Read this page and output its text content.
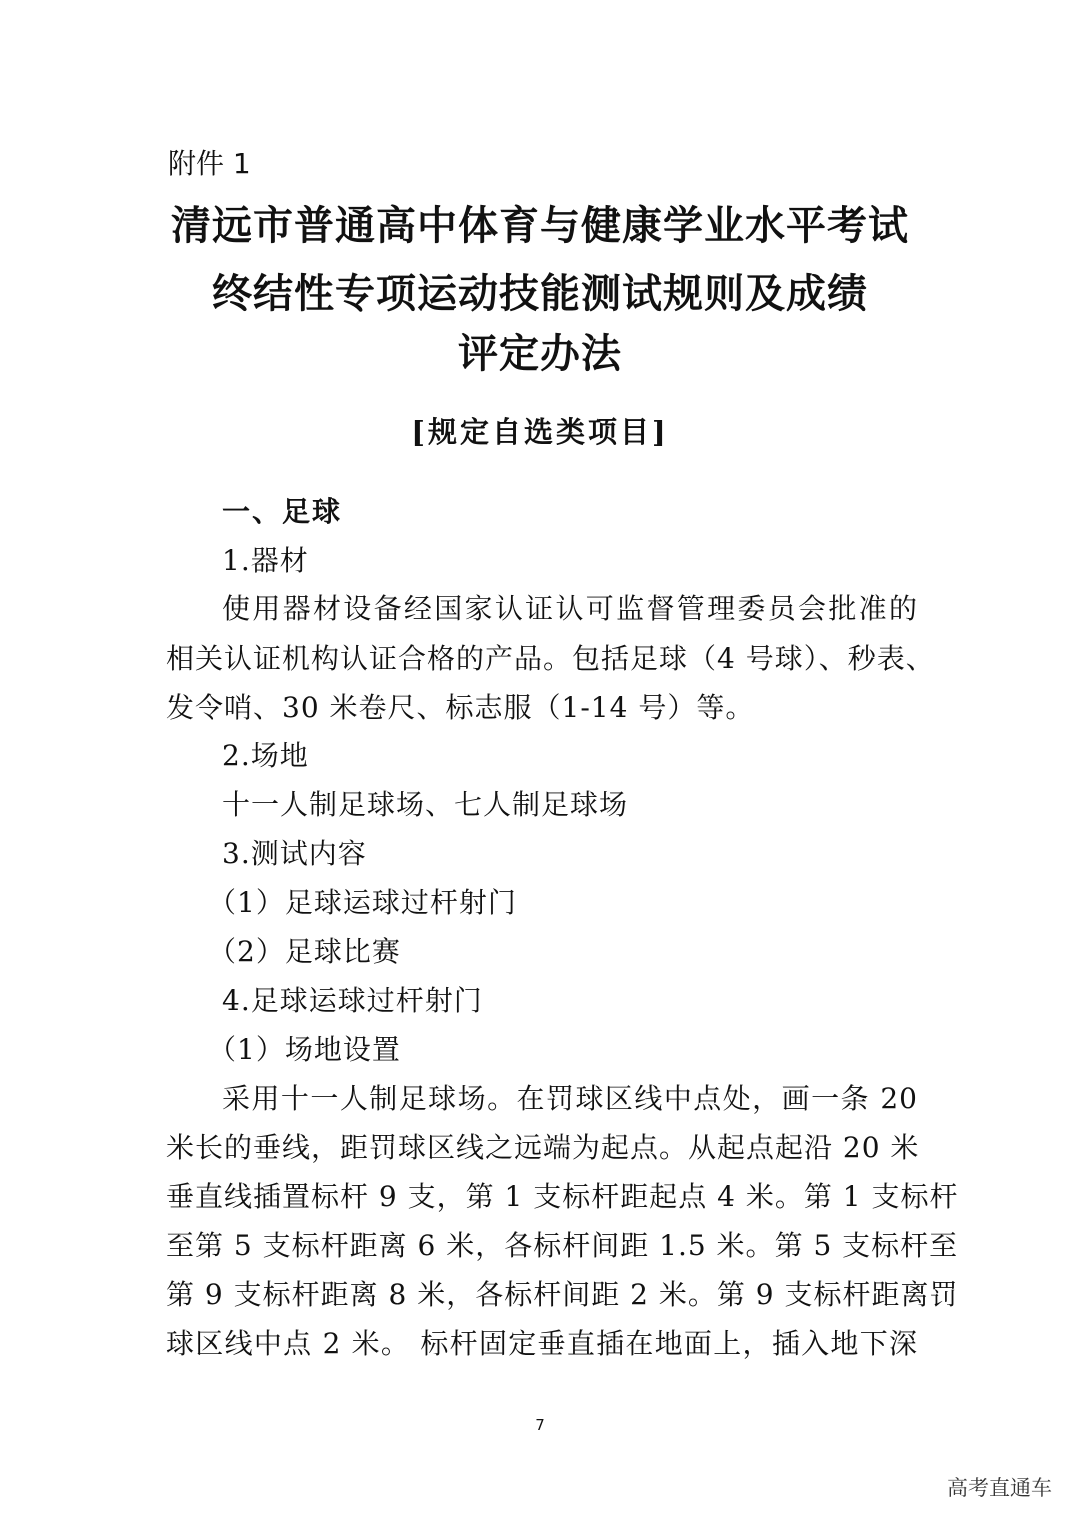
附件 1
清远市普通高中体育与健康学业水平考试
终结性专项运动技能测试规则及成绩
评定办法
[规定自选类项目]
一、足球
1.器材
使用器材设备经国家认证认可监督管理委员会批准的
相关认证机构认证合格的产品。包括足球（4 号球）、秒表、
发令哨、30 米卷尺、标志服（1-14 号）等。
2.场地
十一人制足球场、七人制足球场
3.测试内容
（1）足球运球过杆射门
（2）足球比赛
4.足球运球过杆射门
（1）场地设置
采用十一人制足球场。在罚球区线中点处，画一条 20
米长的垂线，距罚球区线之远端为起点。从起点起沿 20 米
垂直线插置标杆 9 支，第 1 支标杆距起点 4 米。第 1 支标杆
至第 5 支标杆距离 6 米，各标杆间距 1.5 米。第 5 支标杆至
第 9 支标杆距离 8 米，各标杆间距 2 米。第 9 支标杆距离罚
球区线中点 2 米。 标杆固定垂直插在地面上，插入地下深
7
高考直通车
